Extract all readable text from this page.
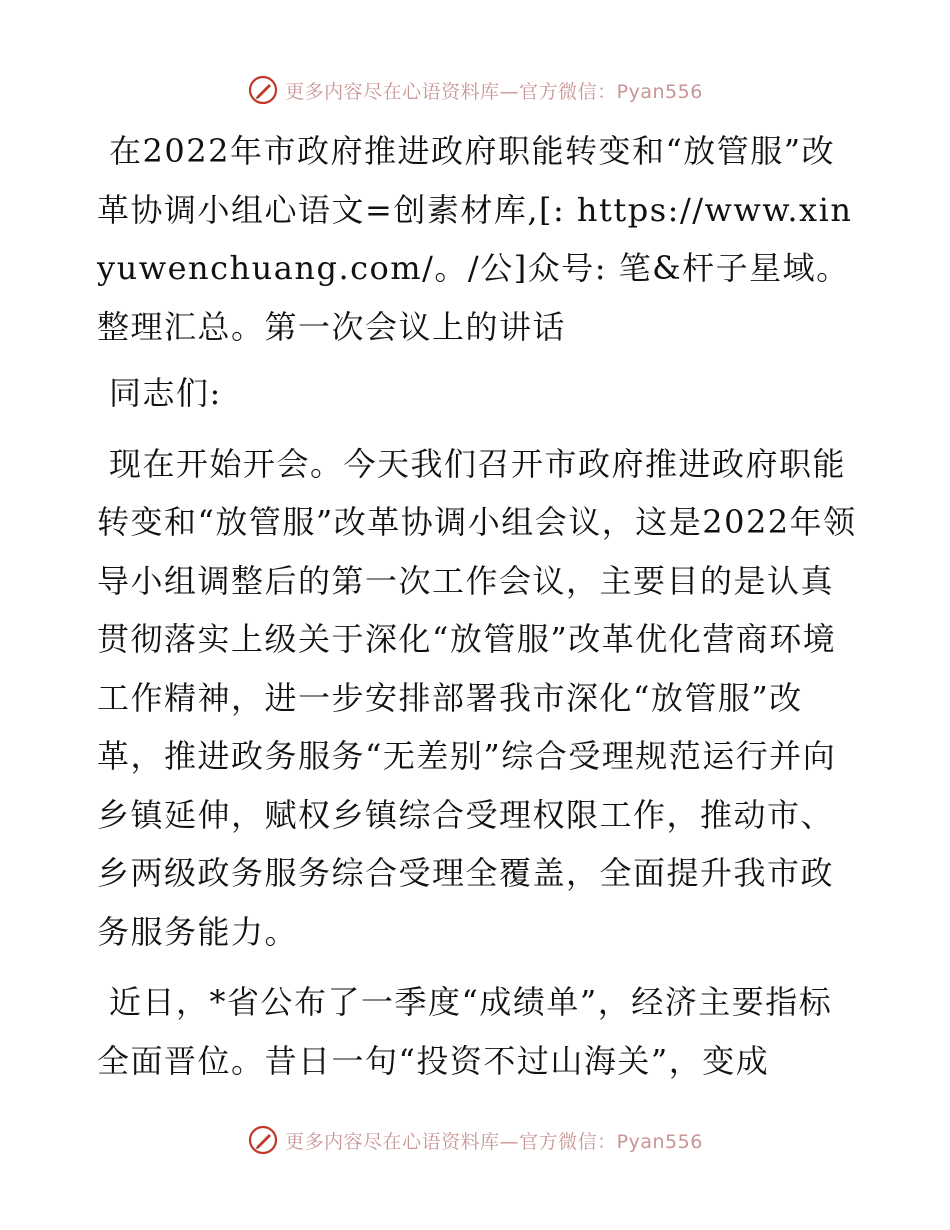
更多内容尽在心语资料库—官方微信：Pyan556

在2022年市政府推进政府职能转变和“放管服”改革协调小组心语文=创素材库,[: https://www.xinyuwenchuang.com/。/公]众号: 笔&杆子星域。整理汇总。第一次会议上的讲话

同志们:

现在开始开会。今天我们召开市政府推进政府职能转变和“放管服”改革协调小组会议，这是2022年领导小组调整后的第一次工作会议，主要目的是认真贯彻落实上级关于深化“放管服”改革优化营商环境工作精神，进一步安排部署我市深化“放管服”改革，推进政务服务“无差别”综合受理规范运行并向乡镇延伸，赋权乡镇综合受理权限工作，推动市、乡两级政务服务综合受理全覆盖，全面提升我市政务服务能力。

近日，*省公布了一季度“成绩单”，经济主要指标全面晋位。昔日一句“投资不过山海关”，变成

更多内容尽在心语资料库—官方微信：Pyan556
